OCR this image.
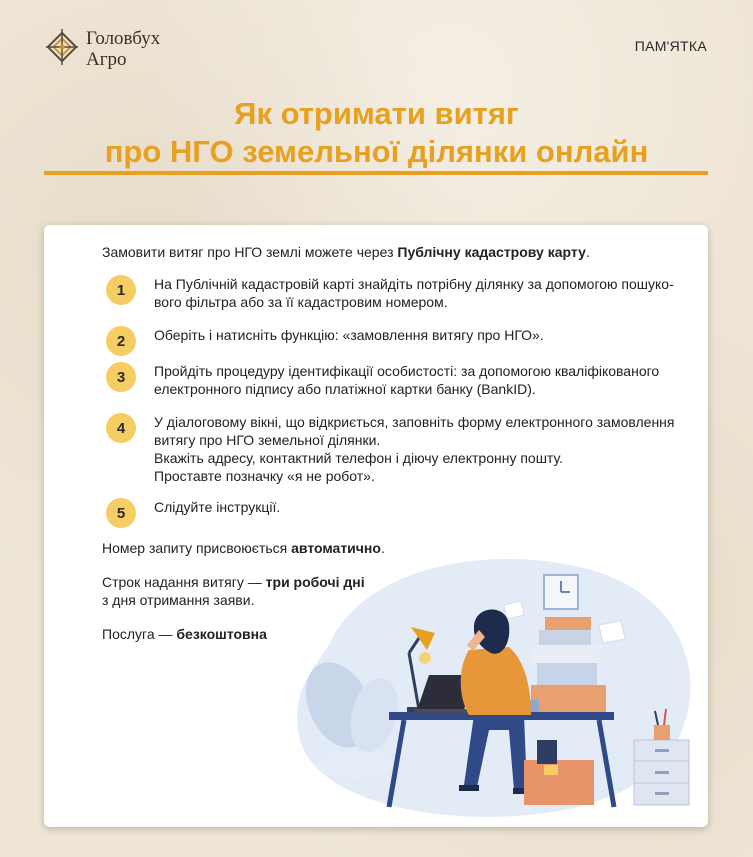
Головбух
Агро
ПАМ'ЯТКА
Як отримати витяг
про НГО земельної ділянки онлайн
Замовити витяг про НГО землі можете через Публічну кадастрову карту.
1	На Публічній кадастровій карті знайдіть потрібну ділянку за допомогою пошуко-
вого фільтра або за її кадастровим номером.
2	Оберіть і натисніть функцію: «замовлення витягу про НГО».
3	Пройдіть процедуру ідентифікації особистості: за допомогою кваліфікованого
електронного підпису або платіжної картки банку (BankID).
4	У діалоговому вікні, що відкриється, заповніть форму електронного замовлення
витягу про НГО земельної ділянки.
Вкажіть адресу, контактний телефон і діючу електронну пошту.
Проставте позначку «я не робот».
5	Слідуйте інструкції.
Номер запиту присвоюється автоматично.
Строк надання витягу — три робочі дні
з дня отримання заяви.
Послуга — безкоштовна
